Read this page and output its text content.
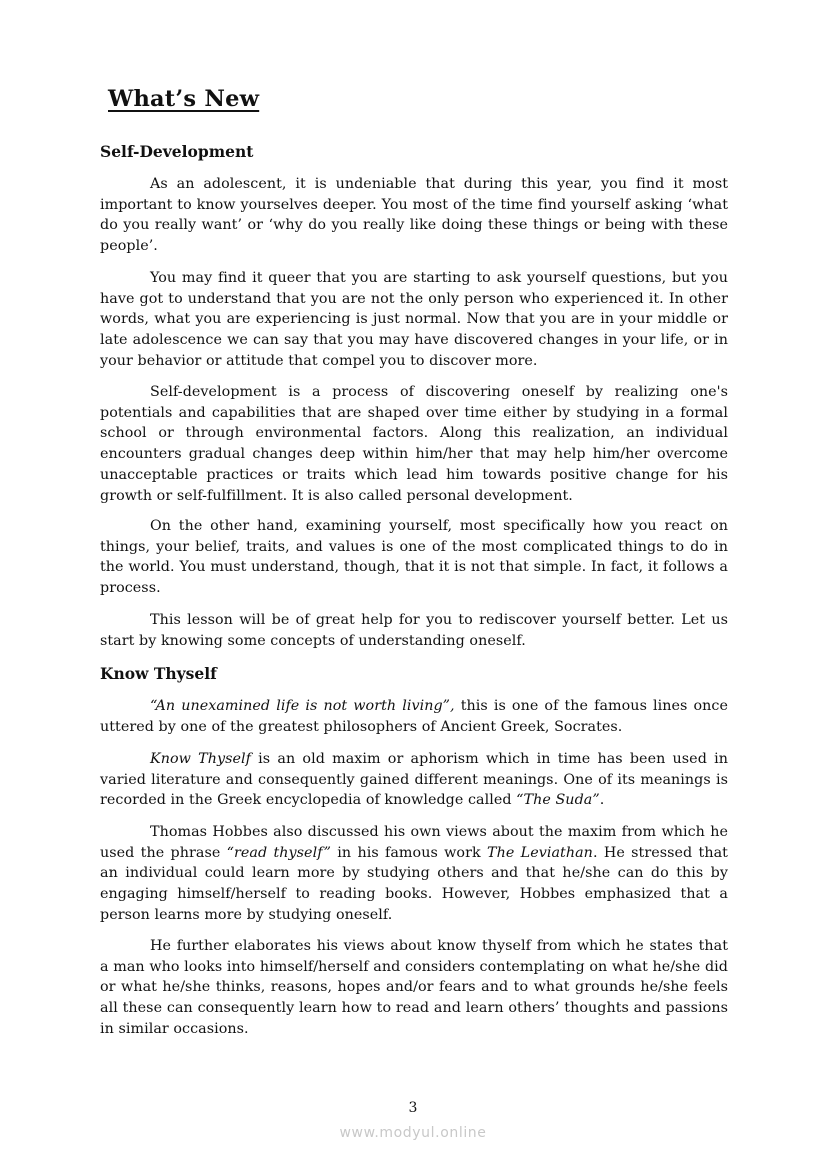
What’s New
Self-Development

As an adolescent, it is undeniable that during this year, you find it most important to know yourselves deeper. You most of the time find yourself asking ‘what do you really want’ or ‘why do you really like doing these things or being with these people’.

You may find it queer that you are starting to ask yourself questions, but you have got to understand that you are not the only person who experienced it. In other words, what you are experiencing is just normal. Now that you are in your middle or late adolescence we can say that you may have discovered changes in your life, or in your behavior or attitude that compel you to discover more.

Self-development is a process of discovering oneself by realizing one's potentials and capabilities that are shaped over time either by studying in a formal school or through environmental factors. Along this realization, an individual encounters gradual changes deep within him/her that may help him/her overcome unacceptable practices or traits which lead him towards positive change for his growth or self-fulfillment. It is also called personal development.

On the other hand, examining yourself, most specifically how you react on things, your belief, traits, and values is one of the most complicated things to do in the world. You must understand, though, that it is not that simple. In fact, it follows a process.

This lesson will be of great help for you to rediscover yourself better. Let us start by knowing some concepts of understanding oneself.

Know Thyself

“An unexamined life is not worth living”, this is one of the famous lines once uttered by one of the greatest philosophers of Ancient Greek, Socrates.

Know Thyself is an old maxim or aphorism which in time has been used in varied literature and consequently gained different meanings. One of its meanings is recorded in the Greek encyclopedia of knowledge called “The Suda”.

Thomas Hobbes also discussed his own views about the maxim from which he used the phrase “read thyself” in his famous work The Leviathan. He stressed that an individual could learn more by studying others and that he/she can do this by engaging himself/herself to reading books. However, Hobbes emphasized that a person learns more by studying oneself.

He further elaborates his views about know thyself from which he states that a man who looks into himself/herself and considers contemplating on what he/she did or what he/she thinks, reasons, hopes and/or fears and to what grounds he/she feels all these can consequently learn how to read and learn others’ thoughts and passions in similar occasions.

3
www.modyul.online
